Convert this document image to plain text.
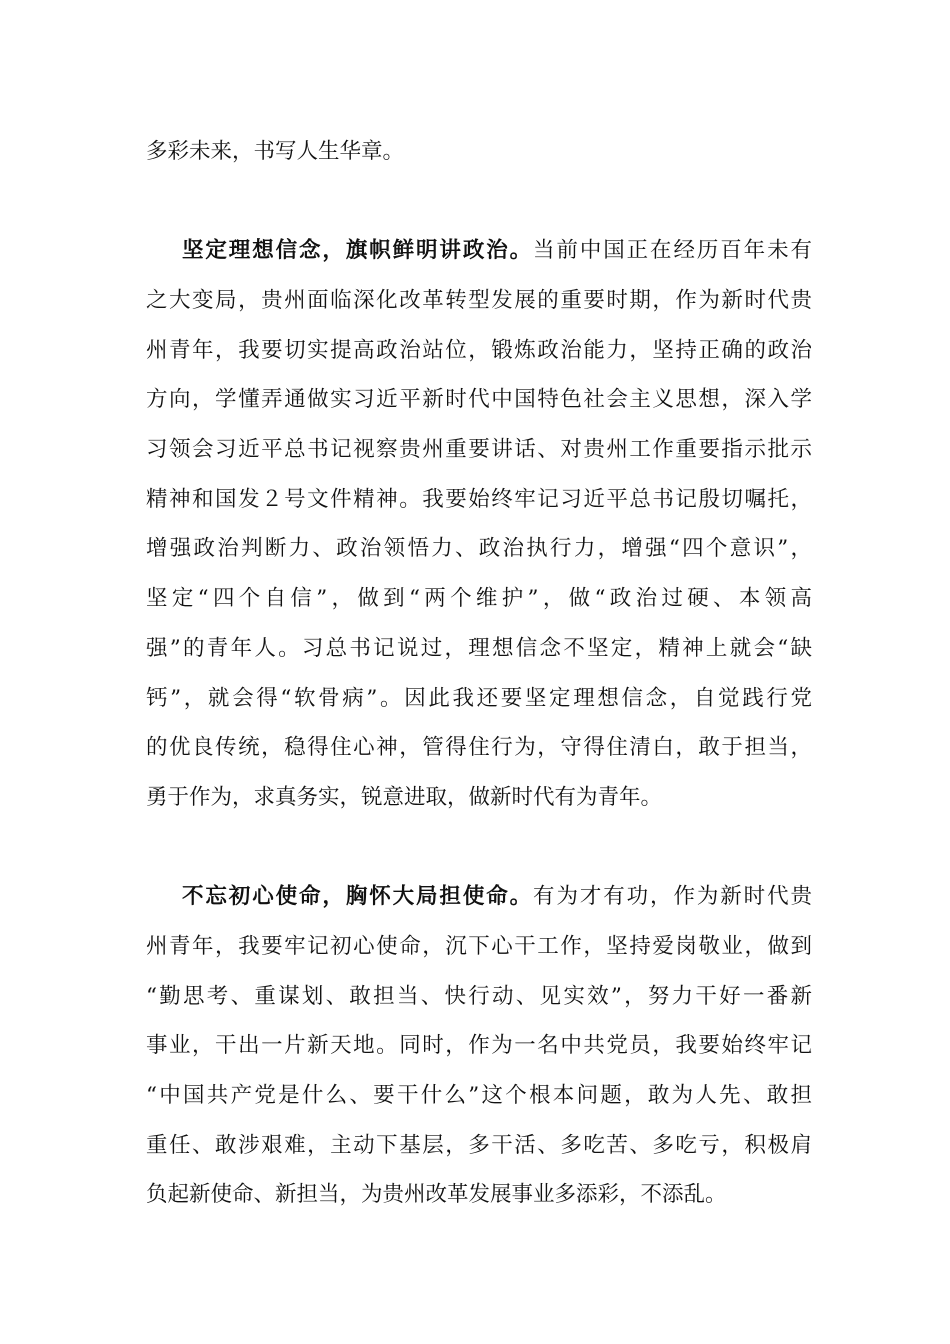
多彩未来，书写人生华章。
坚定理想信念，旗帜鲜明讲政治。当前中国正在经历百年未有
之大变局，贵州面临深化改革转型发展的重要时期，作为新时代贵
州青年，我要切实提高政治站位，锻炼政治能力，坚持正确的政治
方向，学懂弄通做实习近平新时代中国特色社会主义思想，深入学
习领会习近平总书记视察贵州重要讲话、对贵州工作重要指示批示
精神和国发２号文件精神。我要始终牢记习近平总书记殷切嘱托，
增强政治判断力、政治领悟力、政治执行力，增强“四个意识”，
坚定“四个自信”，做到“两个维护”，做“政治过硬、本领高
强”的青年人。习总书记说过，理想信念不坚定，精神上就会“缺
钙”，就会得“软骨病”。因此我还要坚定理想信念，自觉践行党
的优良传统，稳得住心神，管得住行为，守得住清白，敢于担当，
勇于作为，求真务实，锐意进取，做新时代有为青年。
不忘初心使命，胸怀大局担使命。有为才有功，作为新时代贵
州青年，我要牢记初心使命，沉下心干工作，坚持爱岗敬业，做到
“勤思考、重谋划、敢担当、快行动、见实效”，努力干好一番新
事业，干出一片新天地。同时，作为一名中共党员，我要始终牢记
“中国共产党是什么、要干什么”这个根本问题，敢为人先、敢担
重任、敢涉艰难，主动下基层，多干活、多吃苦、多吃亏，积极肩
负起新使命、新担当，为贵州改革发展事业多添彩，不添乱。
